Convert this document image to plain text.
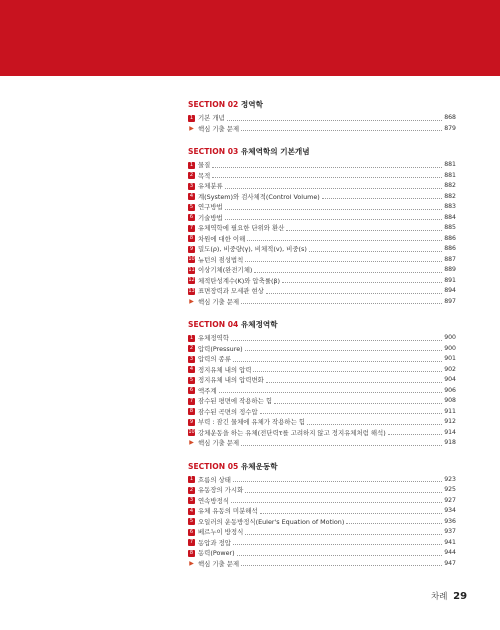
SECTION 02 정역학
1 기본 개념	868
▶ 핵심 기출 문제	879
SECTION 03 유체역학의 기본개념
1 물질	881
2 목적	881
3 유체분류	882
4 계(System)와 검사체적(Control Volume)	882
5 연구방법	883
6 기술방법	884
7 유체역학에 필요한 단위와 환산	885
8 차원에 대한 이해	886
9 밀도(ρ), 비중량(γ), 비체적(v), 비중(s)	886
10 뉴턴의 점성법칙	887
11 이상기체(완전기체)	889
12 체적탄성계수(K)와 압축률(β)	891
13 표면장력과 모세관 현상	894
▶ 핵심 기출 문제	897
SECTION 04 유체정역학
1 유체정역학	900
2 압력(Pressure)	900
3 압력의 종류	901
4 정지유체 내의 압력	902
5 정지유체 내의 압력변화	904
6 액주계	906
7 잠수된 평면에 작용하는 힘	908
8 잠수된 곡면의 정수압	911
9 부력 : 잠긴 물체에 유체가 작용하는 힘	912
10 강체운동을 하는 유체(전단력τ를 고려하지 않고 정지유체처럼 해석)	914
▶ 핵심 기출 문제	918
SECTION 05 유체운동학
1 흐름의 상태	923
2 유동장의 가시화	925
3 연속방정식	927
4 유체 유동의 미분해석	934
5 오일러의 운동방정식(Euler's Equation of Motion)	936
6 베르누이 방정식	937
7 동압과 정압	941
8 동력(Power)	944
▶ 핵심 기출 문제	947
차례 29
